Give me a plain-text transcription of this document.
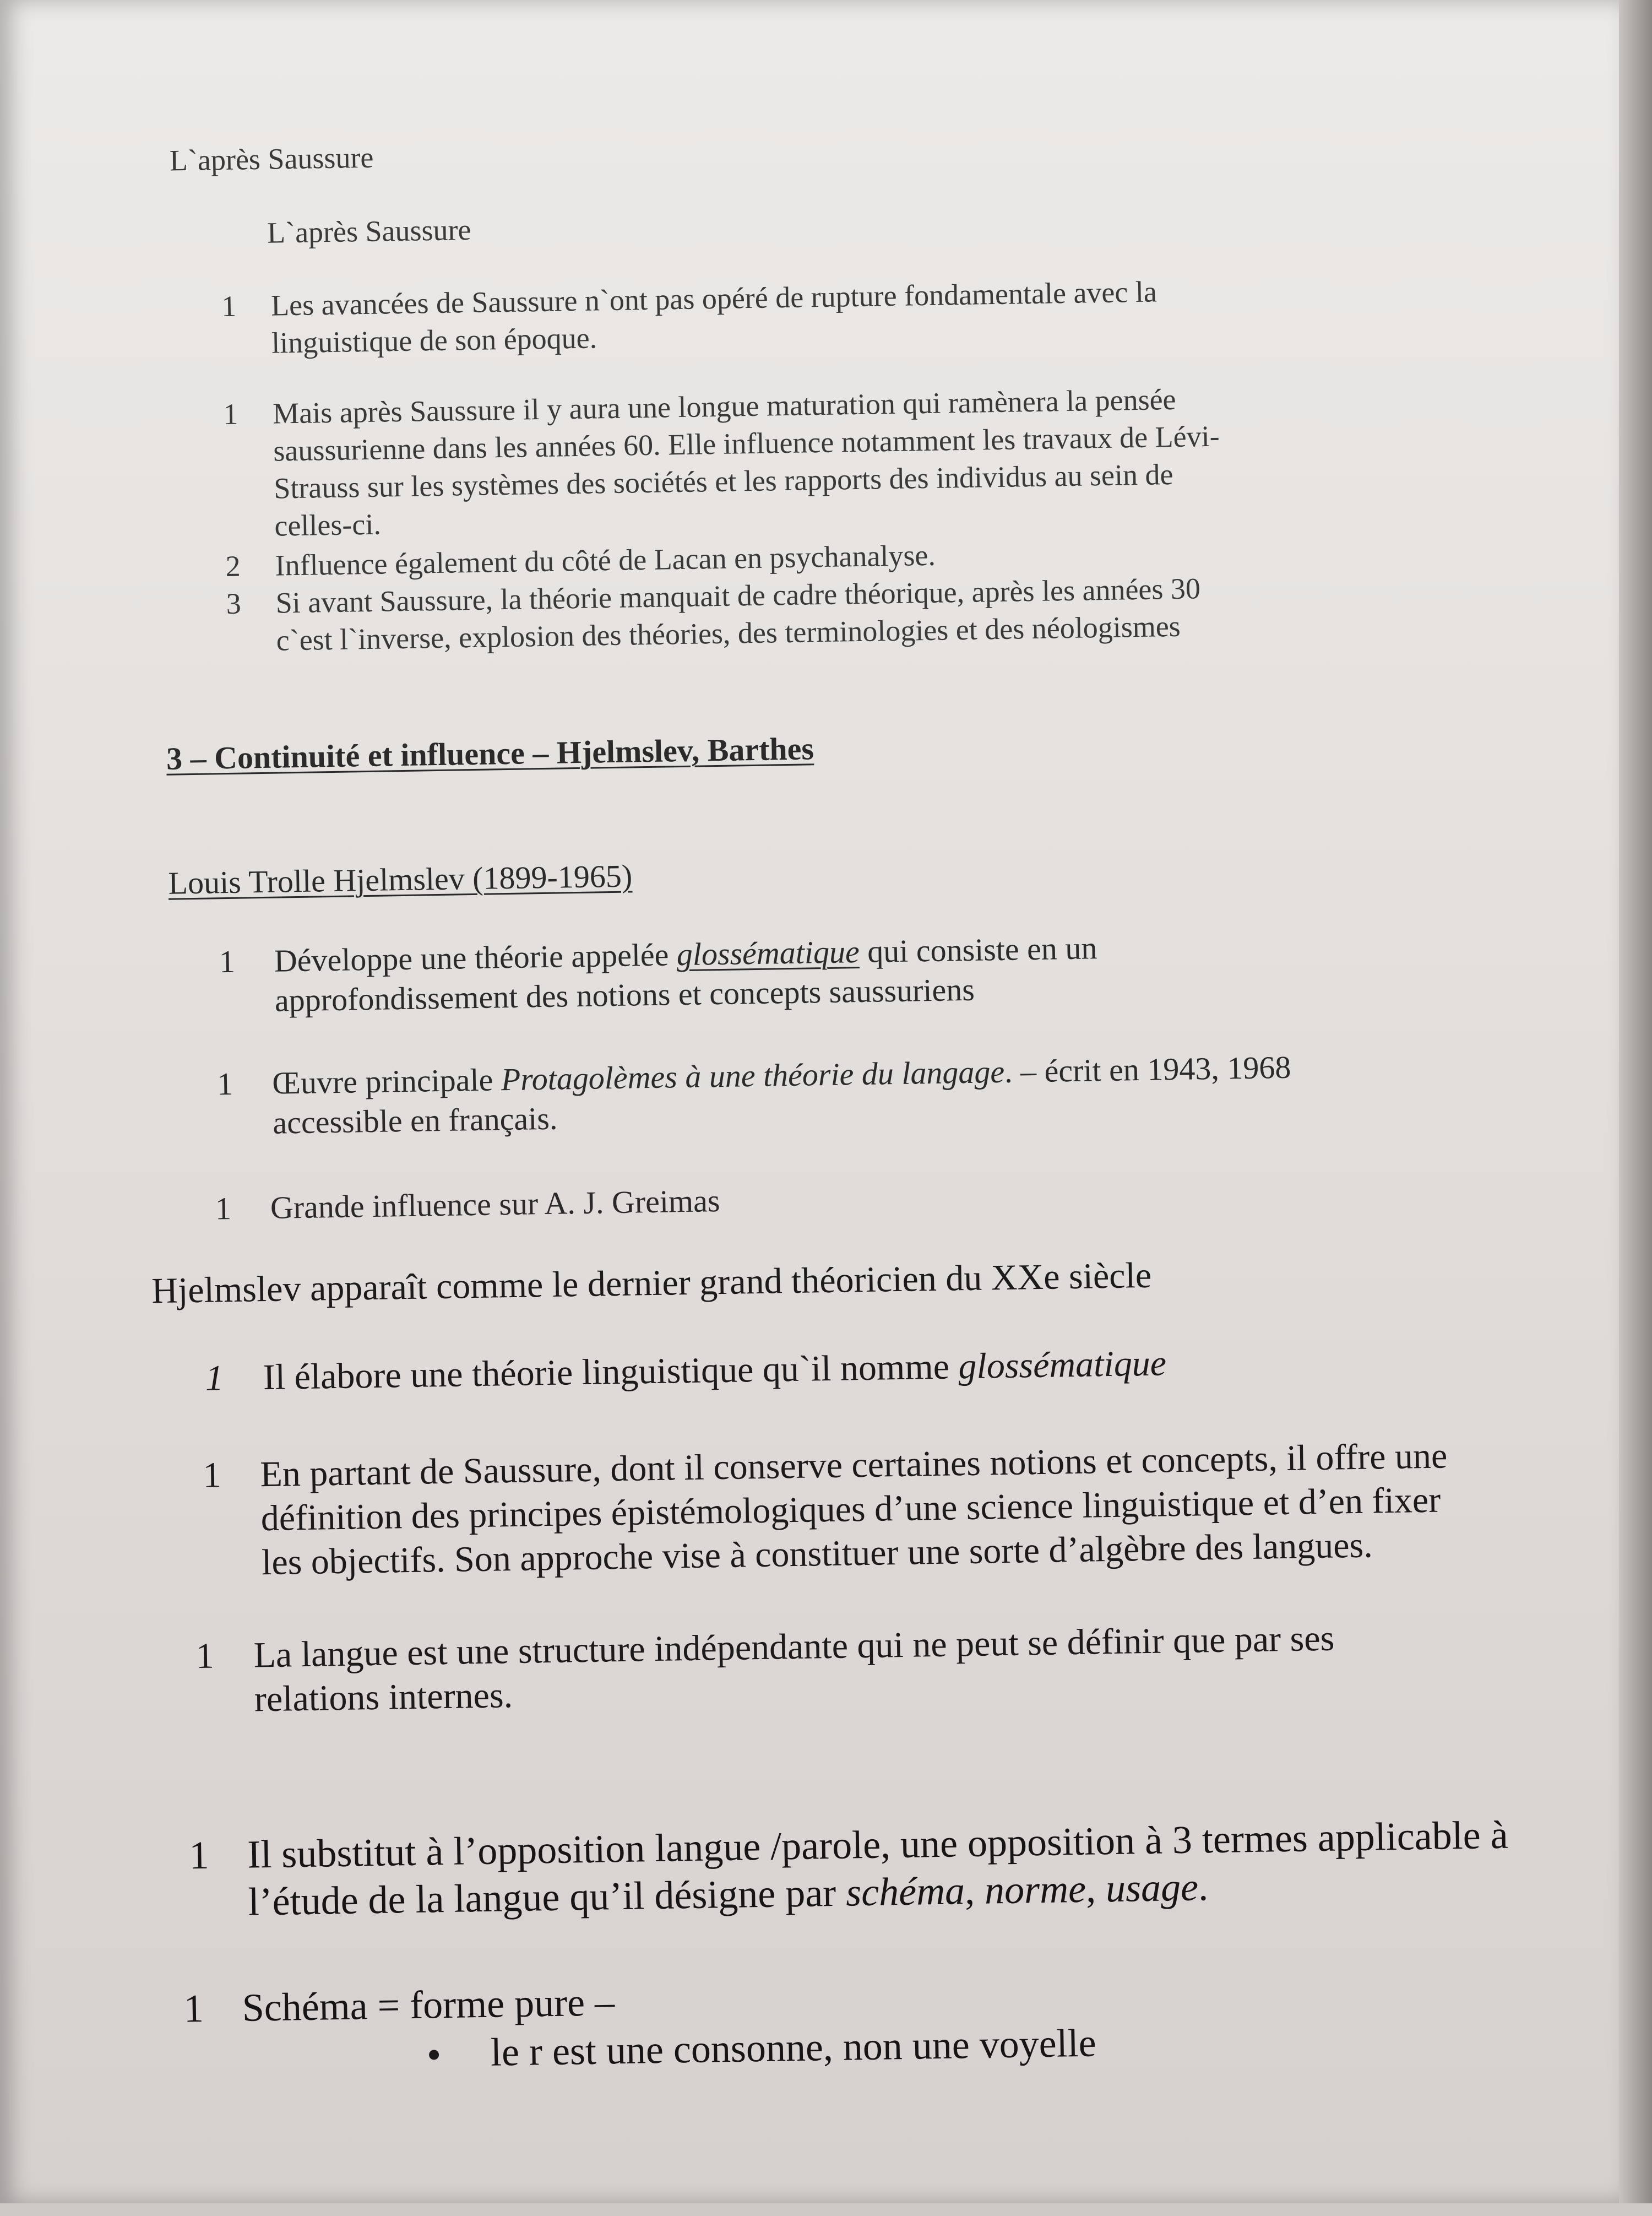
L`après Saussure
L`après Saussure
1 Les avancées de Saussure n`ont pas opéré de rupture fondamentale avec la
linguistique de son époque.
1 Mais après Saussure il y aura une longue maturation qui ramènera la pensée
saussurienne dans les années 60. Elle influence notamment les travaux de Lévi-
Strauss sur les systèmes des sociétés et les rapports des individus au sein de
celles-ci.
2 Influence également du côté de Lacan en psychanalyse.
3 Si avant Saussure, la théorie manquait de cadre théorique, après les années 30
c`est l`inverse, explosion des théories, des terminologies et des néologismes
3 – Continuité et influence – Hjelmslev, Barthes
Louis Trolle Hjelmslev (1899-1965)
1 Développe une théorie appelée glossématique qui consiste en un
approfondissement des notions et concepts saussuriens
1 Œuvre principale Protagolèmes à une théorie du langage. – écrit en 1943, 1968
accessible en français.
1 Grande influence sur A. J. Greimas
Hjelmslev apparaît comme le dernier grand théoricien du XXe siècle
1 Il élabore une théorie linguistique qu`il nomme glossématique
1 En partant de Saussure, dont il conserve certaines notions et concepts, il offre une
définition des principes épistémologiques d’une science linguistique et d’en fixer
les objectifs. Son approche vise à constituer une sorte d’algèbre des langues.
1 La langue est une structure indépendante qui ne peut se définir que par ses
relations internes.
1 Il substitut à l’opposition langue /parole, une opposition à 3 termes applicable à
l’étude de la langue qu’il désigne par schéma, norme, usage.
1 Schéma = forme pure –
le r est une consonne, non une voyelle
